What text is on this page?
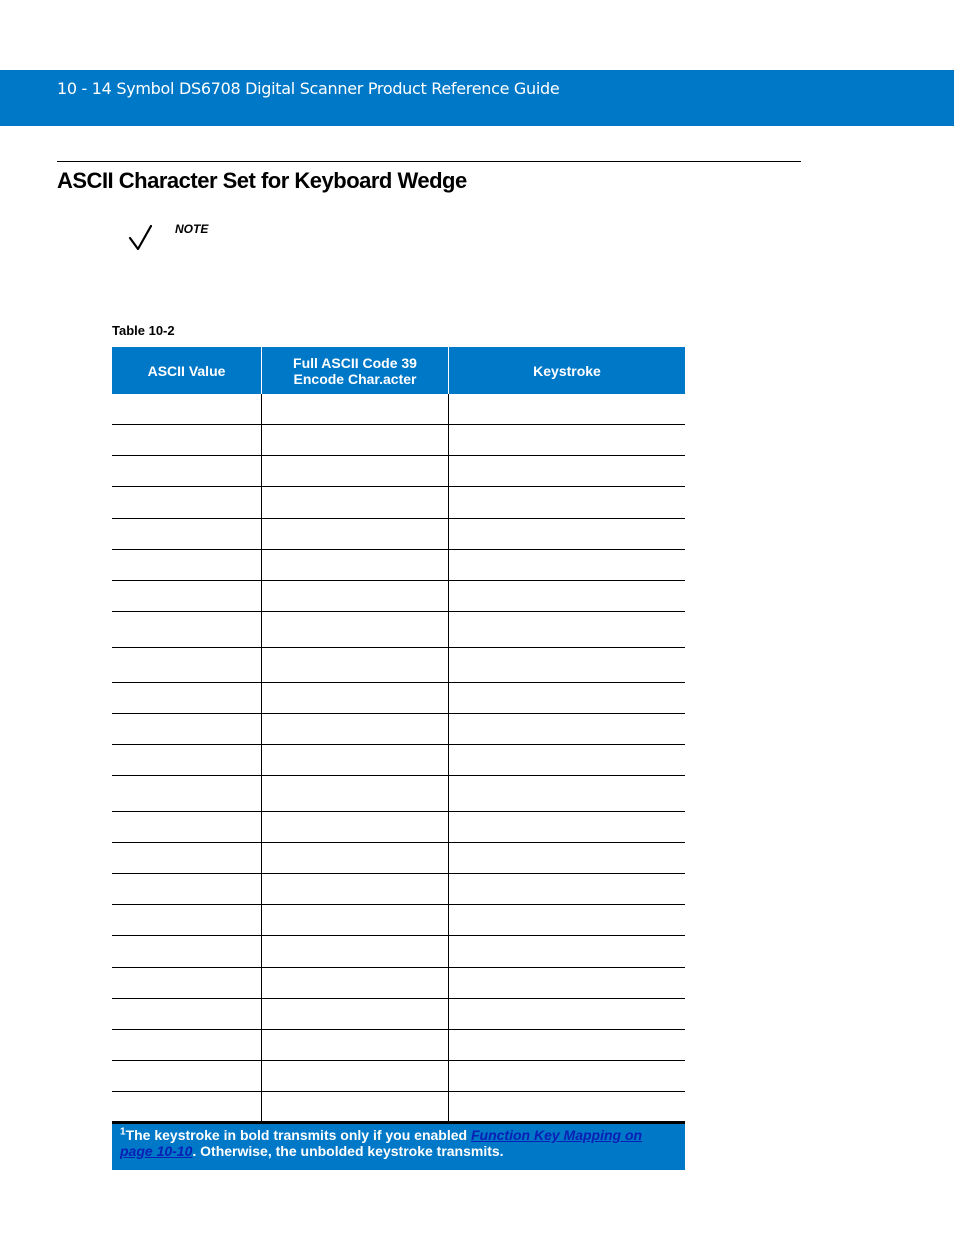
10 - 14 Symbol DS6708 Digital Scanner Product Reference Guide
ASCII Character Set for Keyboard Wedge
NOTE
Table 10-2
ASCII Value	Full ASCII Code 39 Encode Char.acter	Keystroke
$^1$The keystroke in bold transmits only if you enabled Function Key Mapping on page 10-10. Otherwise, the unbolded keystroke transmits.
